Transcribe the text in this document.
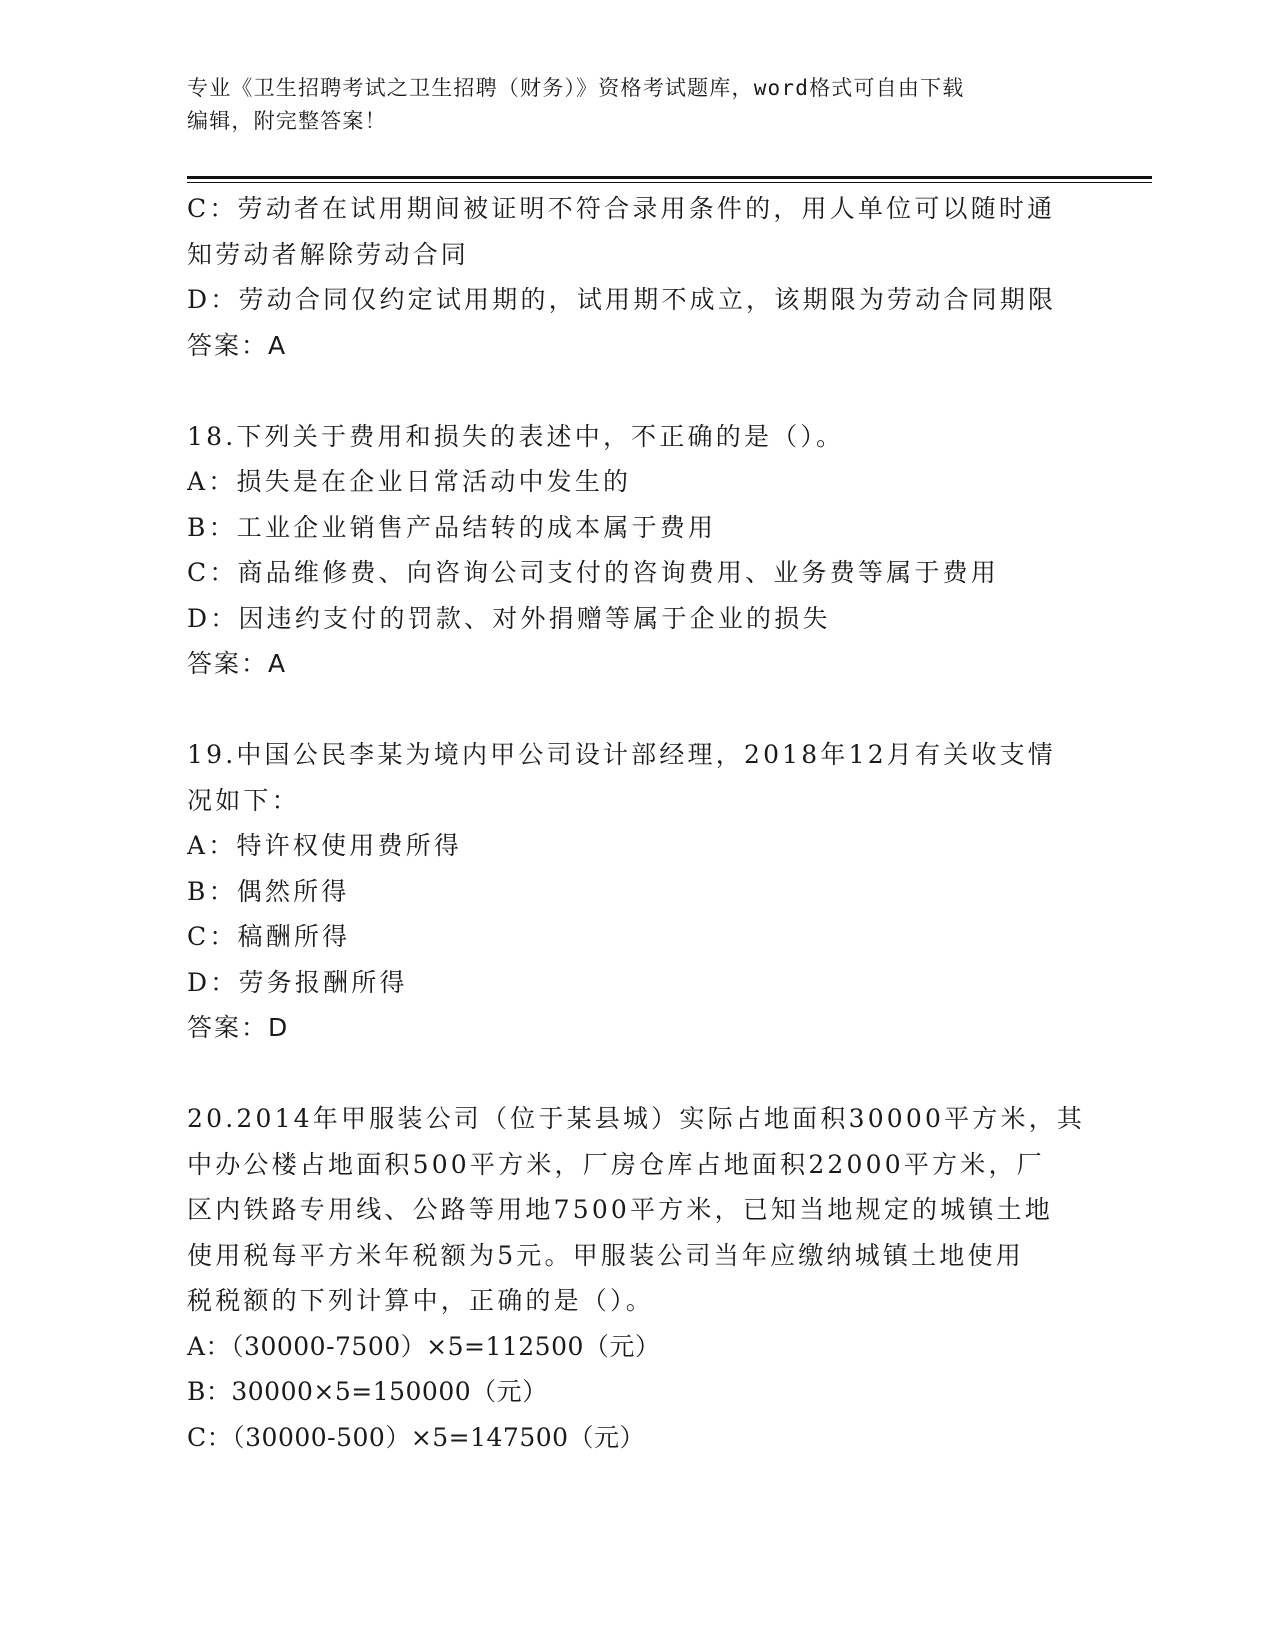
专业《卫生招聘考试之卫生招聘（财务）》资格考试题库，word格式可自由下载
编辑，附完整答案！
C：劳动者在试用期间被证明不符合录用条件的，用人单位可以随时通
知劳动者解除劳动合同
D：劳动合同仅约定试用期的，试用期不成立，该期限为劳动合同期限
答案：A
18.下列关于费用和损失的表述中，不正确的是（）。
A：损失是在企业日常活动中发生的
B：工业企业销售产品结转的成本属于费用
C：商品维修费、向咨询公司支付的咨询费用、业务费等属于费用
D：因违约支付的罚款、对外捐赠等属于企业的损失
答案：A
19.中国公民李某为境内甲公司设计部经理，2018年12月有关收支情
况如下：
A：特许权使用费所得
B：偶然所得
C：稿酬所得
D：劳务报酬所得
答案：D
20.2014年甲服装公司（位于某县城）实际占地面积30000平方米，其
中办公楼占地面积500平方米，厂房仓库占地面积22000平方米，厂
区内铁路专用线、公路等用地7500平方米，已知当地规定的城镇土地
使用税每平方米年税额为5元。甲服装公司当年应缴纳城镇土地使用
税税额的下列计算中，正确的是（）。
A：（30000-7500）×5=112500（元）
B：30000×5=150000（元）
C：（30000-500）×5=147500（元）
